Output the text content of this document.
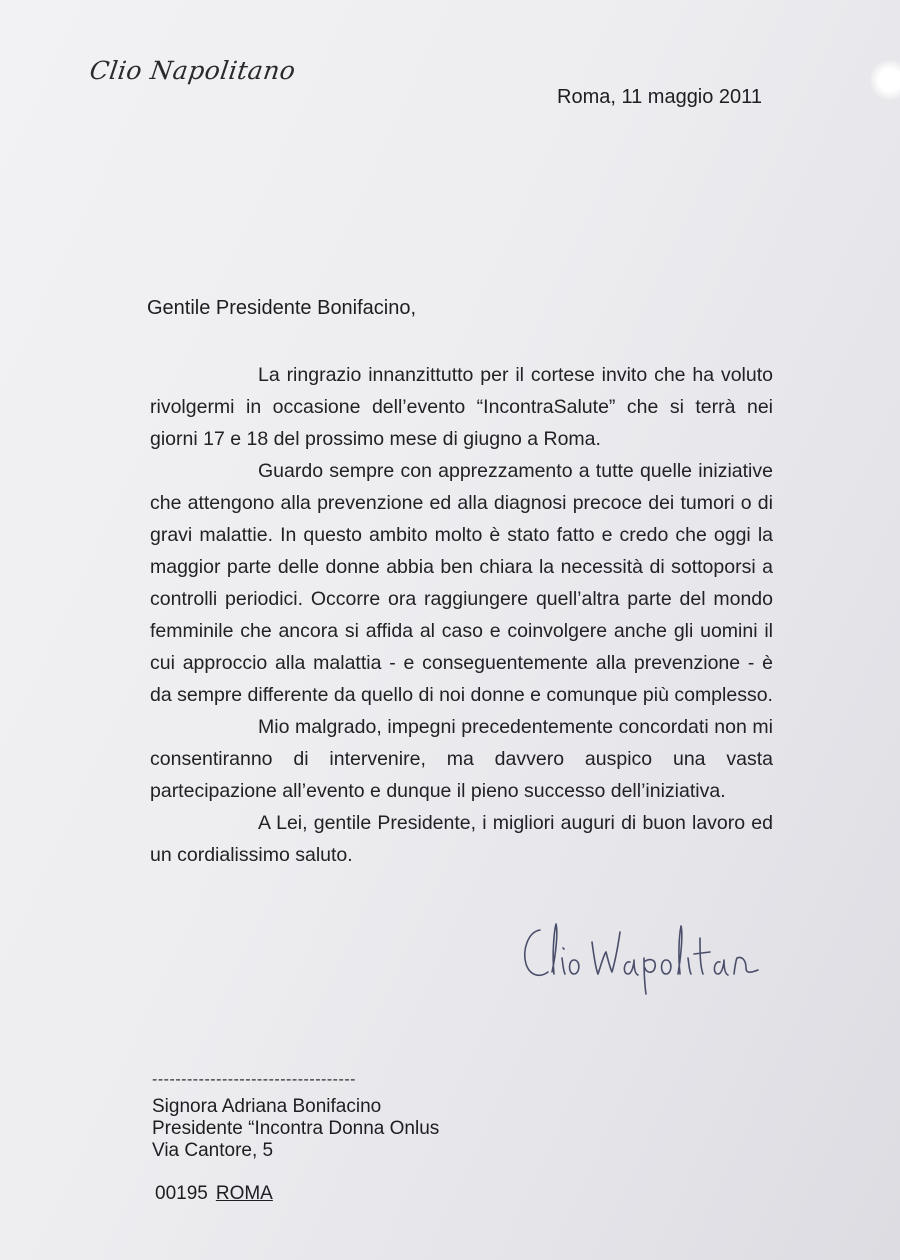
Clio Napolitano
Roma, 11 maggio 2011
Gentile Presidente Bonifacino,

La ringrazio innanzittutto per il cortese invito che ha voluto rivolgermi in occasione dell’evento “IncontraSalute” che si terrà nei giorni 17 e 18 del prossimo mese di giugno a Roma.

Guardo sempre con apprezzamento a tutte quelle iniziative che attengono alla prevenzione ed alla diagnosi precoce dei tumori o di gravi malattie. In questo ambito molto è stato fatto e credo che oggi la maggior parte delle donne abbia ben chiara la necessità di sottoporsi a controlli periodici. Occorre ora raggiungere quell’altra parte del mondo femminile che ancora si affida al caso e coinvolgere anche gli uomini il cui approccio alla malattia - e conseguentemente alla prevenzione - è da sempre differente da quello di noi donne e comunque più complesso.

Mio malgrado, impegni precedentemente concordati non mi consentiranno di intervenire, ma davvero auspico una vasta partecipazione all’evento e dunque il pieno successo dell’iniziativa.

A Lei, gentile Presidente, i migliori auguri di buon lavoro ed un cordialissimo saluto.

-----------------------------------
Signora Adriana Bonifacino
Presidente “Incontra Donna Onlus
Via Cantore, 5
00195 ROMA
